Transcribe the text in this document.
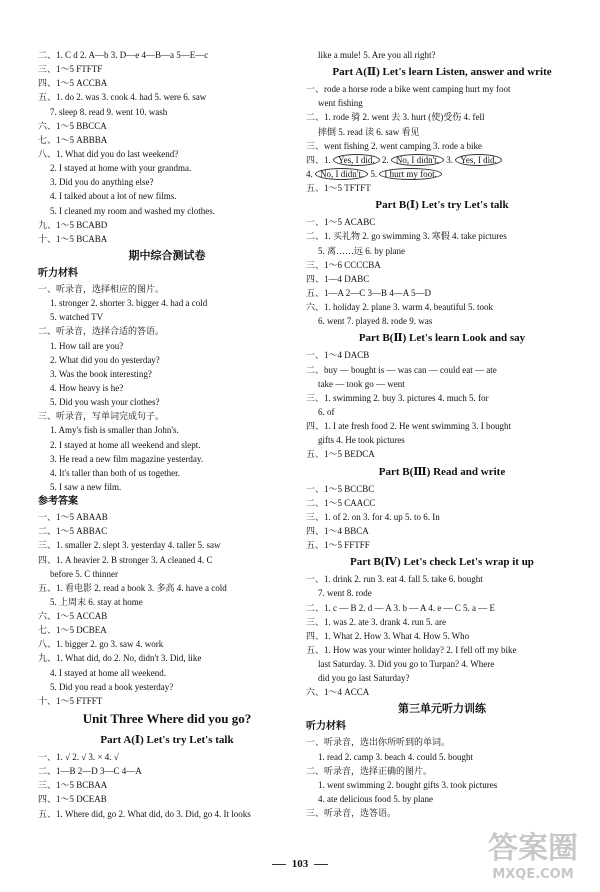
二、1. C d 2. A—b 3. D—e 4—B—a 5—E—c
三、1～5 FTFTF
四、1～5 ACCBA
五、1. do 2. was 3. cook 4. had 5. were 6. saw
7. sleep 8. read 9. went 10. wash
六、1～5 BBCCA
七、1～5 ABBBA
八、1. What did you do last weekend?
2. I stayed at home with your grandma.
3. Did you do anything else?
4. I talked about a lot of new films.
5. I cleaned my room and washed my clothes.
九、1～5 BCABD
十、1～5 BCABA
期中综合测试卷
听力材料
一、听录音，选择相应的图片。
1. stronger 2. shorter 3. bigger 4. had a cold
5. watched TV
二、听录音，选择合适的答语。
1. How tall are you?
2. What did you do yesterday?
3. Was the book interesting?
4. How heavy is he?
5. Did you wash your clothes?
三、听录音，写单词完成句子。
1. Amy's fish is smaller than John's.
2. I stayed at home all weekend and slept.
3. He read a new film magazine yesterday.
4. It's taller than both of us together.
5. I saw a new film.
参考答案
一、1～5 ABAAB
二、1～5 ABBAC
三、1. smaller 2. slept 3. yesterday 4. taller 5. saw
四、1. A heavier 2. B stronger 3. A cleaned 4. C
before 5. C thinner
五、1. 看电影 2. read a book 3. 多高 4. have a cold
5. 上周末 6. stay at home
六、1～5 ACCAB
七、1～5 DCBEA
八、1. bigger 2. go 3. saw 4. work
九、1. What did, do 2. No, didn't 3. Did, like
4. I stayed at home all weekend.
5. Did you read a book yesterday?
十、1～5 FTFFT
Unit Three Where did you go?
Part A(Ⅰ) Let's try Let's talk
一、1. √ 2. √ 3. × 4. √
二、1—B 2—D 3—C 4—A
三、1～5 BCBAA
四、1～5 DCEAB
五、1. Where did, go 2. What did, do 3. Did, go 4. It looks
like a mule! 5. Are you all right?
Part A(Ⅱ) Let's learn Listen, answer and write
一、rode a horse rode a bike went camping hurt my foot
went fishing
二、1. rode 骑 2. went 去 3. hurt (使)受伤 4. fell
摔倒 5. read 读 6. saw 看见
三、went fishing 2. went camping 3. rode a bike
四、1. Yes, I did. 2. No, I didn't. 3. Yes, I did.
4. No, I didn't. 5. I hurt my foot.
五、1～5 TFTFT
Part B(Ⅰ) Let's try Let's talk
一、1～5 ACABC
二、1. 买礼物 2. go swimming 3. 寒假 4. take pictures
5. 离……远 6. by plane
三、1～6 CCCCBA
四、1—4 DABC
五、1—A 2—C 3—B 4—A 5—D
六、1. holiday 2. plane 3. warm 4. beautiful 5. took
6. went 7. played 8. rode 9. was
Part B(Ⅱ) Let's learn Look and say
一、1～4 DACB
二、buy — bought is — was can — could eat — ate
take — took go — went
三、1. swimming 2. buy 3. pictures 4. much 5. for
6. of
四、1. I ate fresh food 2. He went swimming 3. I bought
gifts 4. He took pictures
五、1～5 BEDCA
Part B(Ⅲ) Read and write
一、1～5 BCCBC
二、1～5 CAACC
三、1. of 2. on 3. for 4. up 5. to 6. In
四、1～4 BBCA
五、1～5 FFTFF
Part B(Ⅳ) Let's check Let's wrap it up
一、1. drink 2. run 3. eat 4. fall 5. take 6. bought
7. went 8. rode
二、1. c — B 2. d — A 3. b — A 4. e — C 5. a — E
三、1. was 2. ate 3. drank 4. run 5. are
四、1. What 2. How 3. What 4. How 5. Who
五、1. How was your winter holiday? 2. I fell off my bike
last Saturday. 3. Did you go to Turpan? 4. Where
did you go last Saturday?
六、1～4 ACCA
第三单元听力训练
听力材料
一、听录音，选出你所听到的单词。
1. read 2. camp 3. beach 4. could 5. bought
二、听录音，选择正确的图片。
1. went swimming 2. bought gifts 3. took pictures
4. ate delicious food 5. by plane
三、听录音，选答语。
103	答案圈
MXQE.COM
